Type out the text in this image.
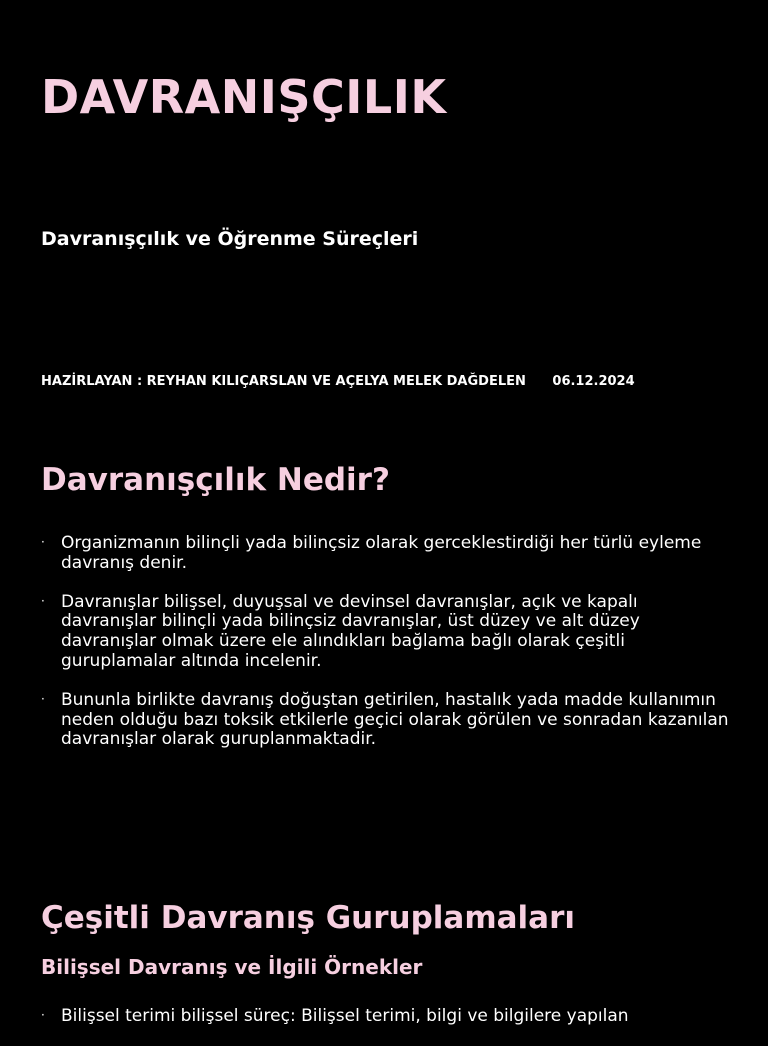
DAVRANIŞÇILIK
Davranışçılık ve Öğrenme Süreçleri
HAZİRLAYAN : REYHAN KILIÇARSLAN VE AÇELYA MELEK DAĞDELEN 06.12.2024
Davranışçılık Nedir?
· Organizmanın bilinçli yada bilinçsiz olarak gerceklestirdiği her türlü eyleme davranış denir.
· Davranışlar bilişsel, duyuşsal ve devinsel davranışlar, açık ve kapalı davranışlar bilinçli yada bilinçsiz davranışlar, üst düzey ve alt düzey davranışlar olmak üzere ele alındıkları bağlama bağlı olarak çeşitli guruplamalar altında incelenir.
· Bununla birlikte davranış doğuştan getirilen, hastalık yada madde kullanımın neden olduğu bazı toksik etkilerle geçici olarak görülen ve sonradan kazanılan davranışlar olarak guruplanmaktadir.
Çeşitli Davranış Guruplamaları
Bilişsel Davranış ve İlgili Örnekler
· Bilişsel terimi bilişsel süreç: Bilişsel terimi, bilgi ve bilgilere yapılan
